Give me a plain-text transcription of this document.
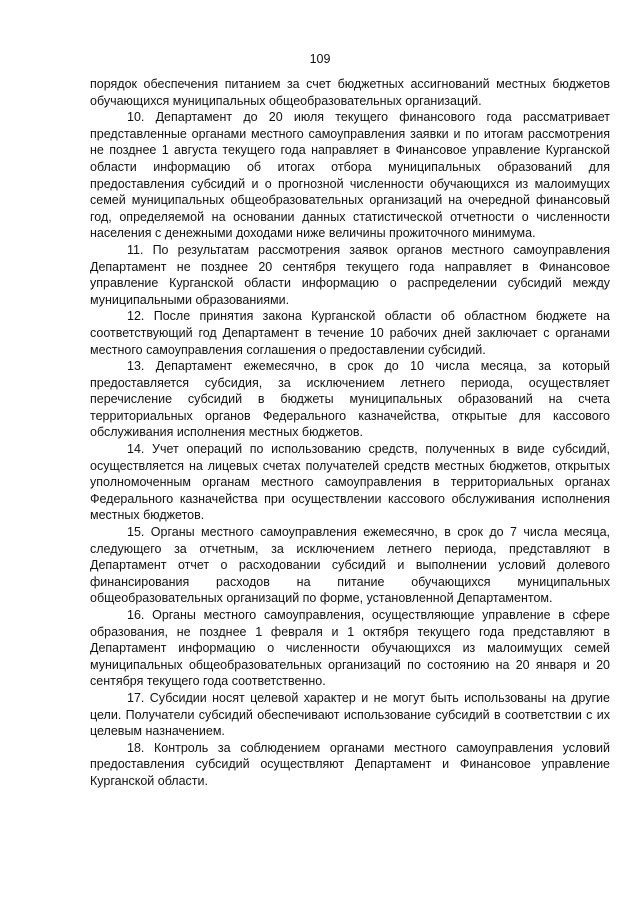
109

порядок обеспечения питанием за счет бюджетных ассигнований местных бюджетов обучающихся муниципальных общеобразовательных организаций.

10. Департамент до 20 июля текущего финансового года рассматривает представленные органами местного самоуправления заявки и по итогам рассмотрения не позднее 1 августа текущего года направляет в Финансовое управление Курганской области информацию об итогах отбора муниципальных образований для предоставления субсидий и о прогнозной численности обучающихся из малоимущих семей муниципальных общеобразовательных организаций на очередной финансовый год, определяемой на основании данных статистической отчетности о численности населения с денежными доходами ниже величины прожиточного минимума.

11. По результатам рассмотрения заявок органов местного самоуправления Департамент не позднее 20 сентября текущего года направляет в Финансовое управление Курганской области информацию о распределении субсидий между муниципальными образованиями.

12. После принятия закона Курганской области об областном бюджете на соответствующий год Департамент в течение 10 рабочих дней заключает с органами местного самоуправления соглашения о предоставлении субсидий.

13. Департамент ежемесячно, в срок до 10 числа месяца, за который предоставляется субсидия, за исключением летнего периода, осуществляет перечисление субсидий в бюджеты муниципальных образований на счета территориальных органов Федерального казначейства, открытые для кассового обслуживания исполнения местных бюджетов.

14. Учет операций по использованию средств, полученных в виде субсидий, осуществляется на лицевых счетах получателей средств местных бюджетов, открытых уполномоченным органам местного самоуправления в территориальных органах Федерального казначейства при осуществлении кассового обслуживания исполнения местных бюджетов.

15. Органы местного самоуправления ежемесячно, в срок до 7 числа месяца, следующего за отчетным, за исключением летнего периода, представляют в Департамент отчет о расходовании субсидий и выполнении условий долевого финансирования расходов на питание обучающихся муниципальных общеобразовательных организаций по форме, установленной Департаментом.

16. Органы местного самоуправления, осуществляющие управление в сфере образования, не позднее 1 февраля и 1 октября текущего года представляют в Департамент информацию о численности обучающихся из малоимущих семей муниципальных общеобразовательных организаций по состоянию на 20 января и 20 сентября текущего года соответственно.

17. Субсидии носят целевой характер и не могут быть использованы на другие цели. Получатели субсидий обеспечивают использование субсидий в соответствии с их целевым назначением.

18. Контроль за соблюдением органами местного самоуправления условий предоставления субсидий осуществляют Департамент и Финансовое управление Курганской области.
